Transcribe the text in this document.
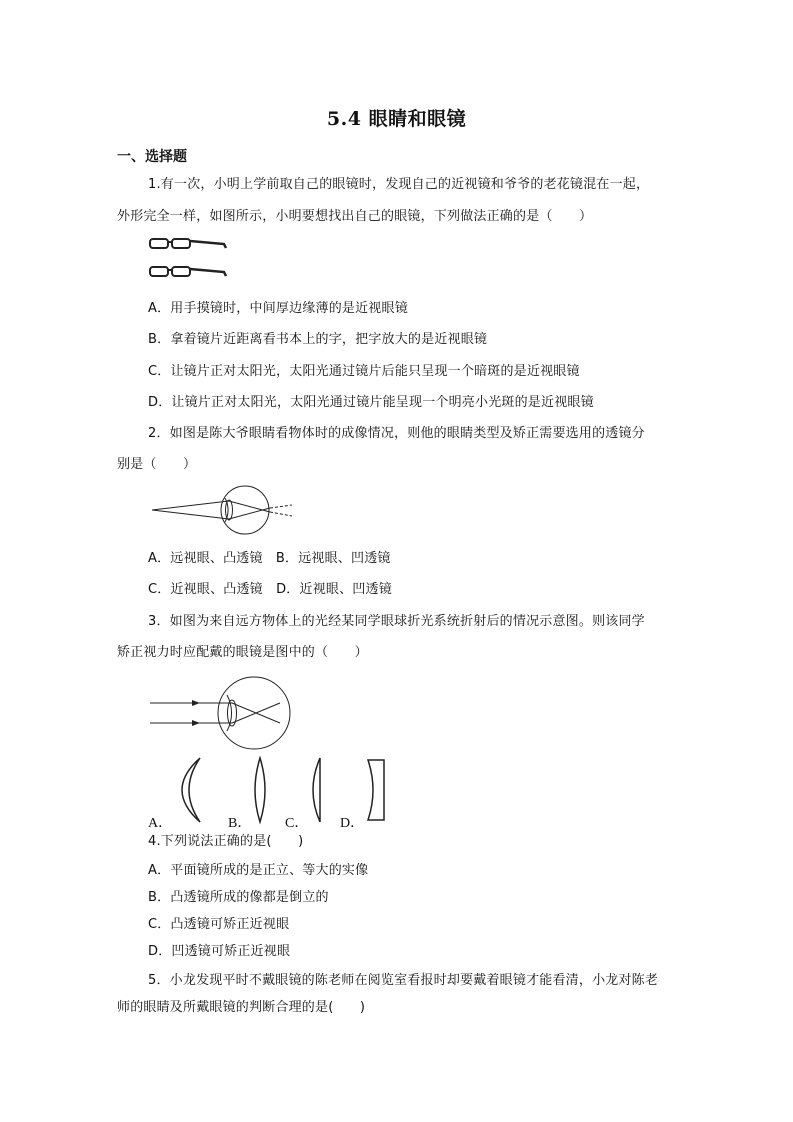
5.4 眼睛和眼镜
一、选择题
1.有一次，小明上学前取自己的眼镜时，发现自己的近视镜和爷爷的老花镜混在一起，
外形完全一样，如图所示，小明要想找出自己的眼镜，下列做法正确的是（　　）
A．用手摸镜时，中间厚边缘薄的是近视眼镜
B．拿着镜片近距离看书本上的字，把字放大的是近视眼镜
C．让镜片正对太阳光，太阳光通过镜片后能只呈现一个暗斑的是近视眼镜
D．让镜片正对太阳光，太阳光通过镜片能呈现一个明亮小光斑的是近视眼镜
2．如图是陈大爷眼睛看物体时的成像情况，则他的眼睛类型及矫正需要选用的透镜分
别是（　　）
A．远视眼、凸透镜　B．远视眼、凹透镜
C．近视眼、凸透镜　D．近视眼、凹透镜
3．如图为来自远方物体上的光经某同学眼球折光系统折射后的情况示意图。则该同学
矫正视力时应配戴的眼镜是图中的（　　）
A．	B． C． D．
4.下列说法正确的是(　　)
A．平面镜所成的是正立、等大的实像
B．凸透镜所成的像都是倒立的
C．凸透镜可矫正近视眼
D．凹透镜可矫正近视眼
5．小龙发现平时不戴眼镜的陈老师在阅览室看报时却要戴着眼镜才能看清，小龙对陈老
师的眼睛及所戴眼镜的判断合理的是(　　)
